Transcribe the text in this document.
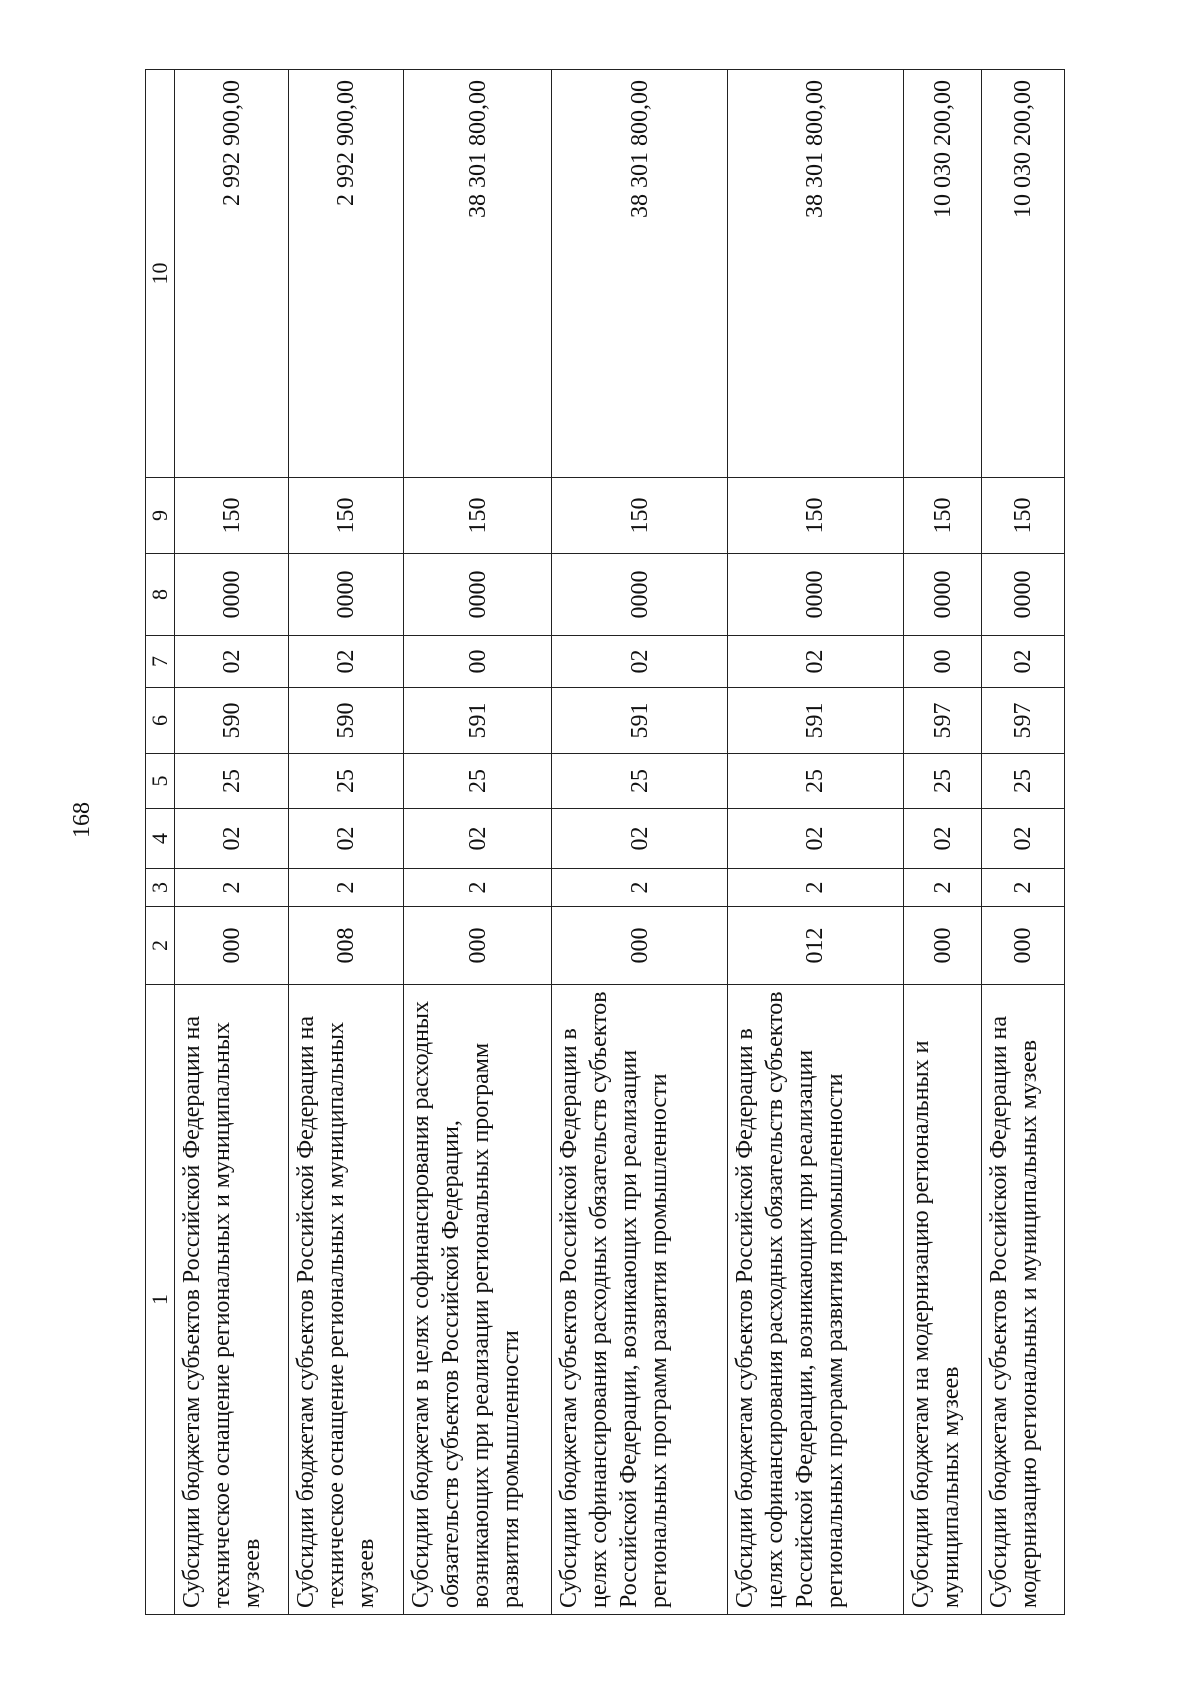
168
1	2	3	4	5	6	7	8	9	10
Субсидии бюджетам субъектов Российской Федерации на техническое оснащение региональных и муниципальных музеев	000	2	02	25	590	02	0000	150	2 992 900,00
Субсидии бюджетам субъектов Российской Федерации на техническое оснащение региональных и муниципальных музеев	008	2	02	25	590	02	0000	150	2 992 900,00
Субсидии бюджетам в целях софинансирования расходных обязательств субъектов Российской Федерации, возникающих при реализации региональных программ развития промышленности	000	2	02	25	591	00	0000	150	38 301 800,00
Субсидии бюджетам субъектов Российской Федерации в целях софинансирования расходных обязательств субъектов Российской Федерации, возникающих при реализации региональных программ развития промышленности	000	2	02	25	591	02	0000	150	38 301 800,00
Субсидии бюджетам субъектов Российской Федерации в целях софинансирования расходных обязательств субъектов Российской Федерации, возникающих при реализации региональных программ развития промышленности	012	2	02	25	591	02	0000	150	38 301 800,00
Субсидии бюджетам на модернизацию региональных и муниципальных музеев	000	2	02	25	597	00	0000	150	10 030 200,00
Субсидии бюджетам субъектов Российской Федерации на модернизацию региональных и муниципальных музеев	000	2	02	25	597	02	0000	150	10 030 200,00
